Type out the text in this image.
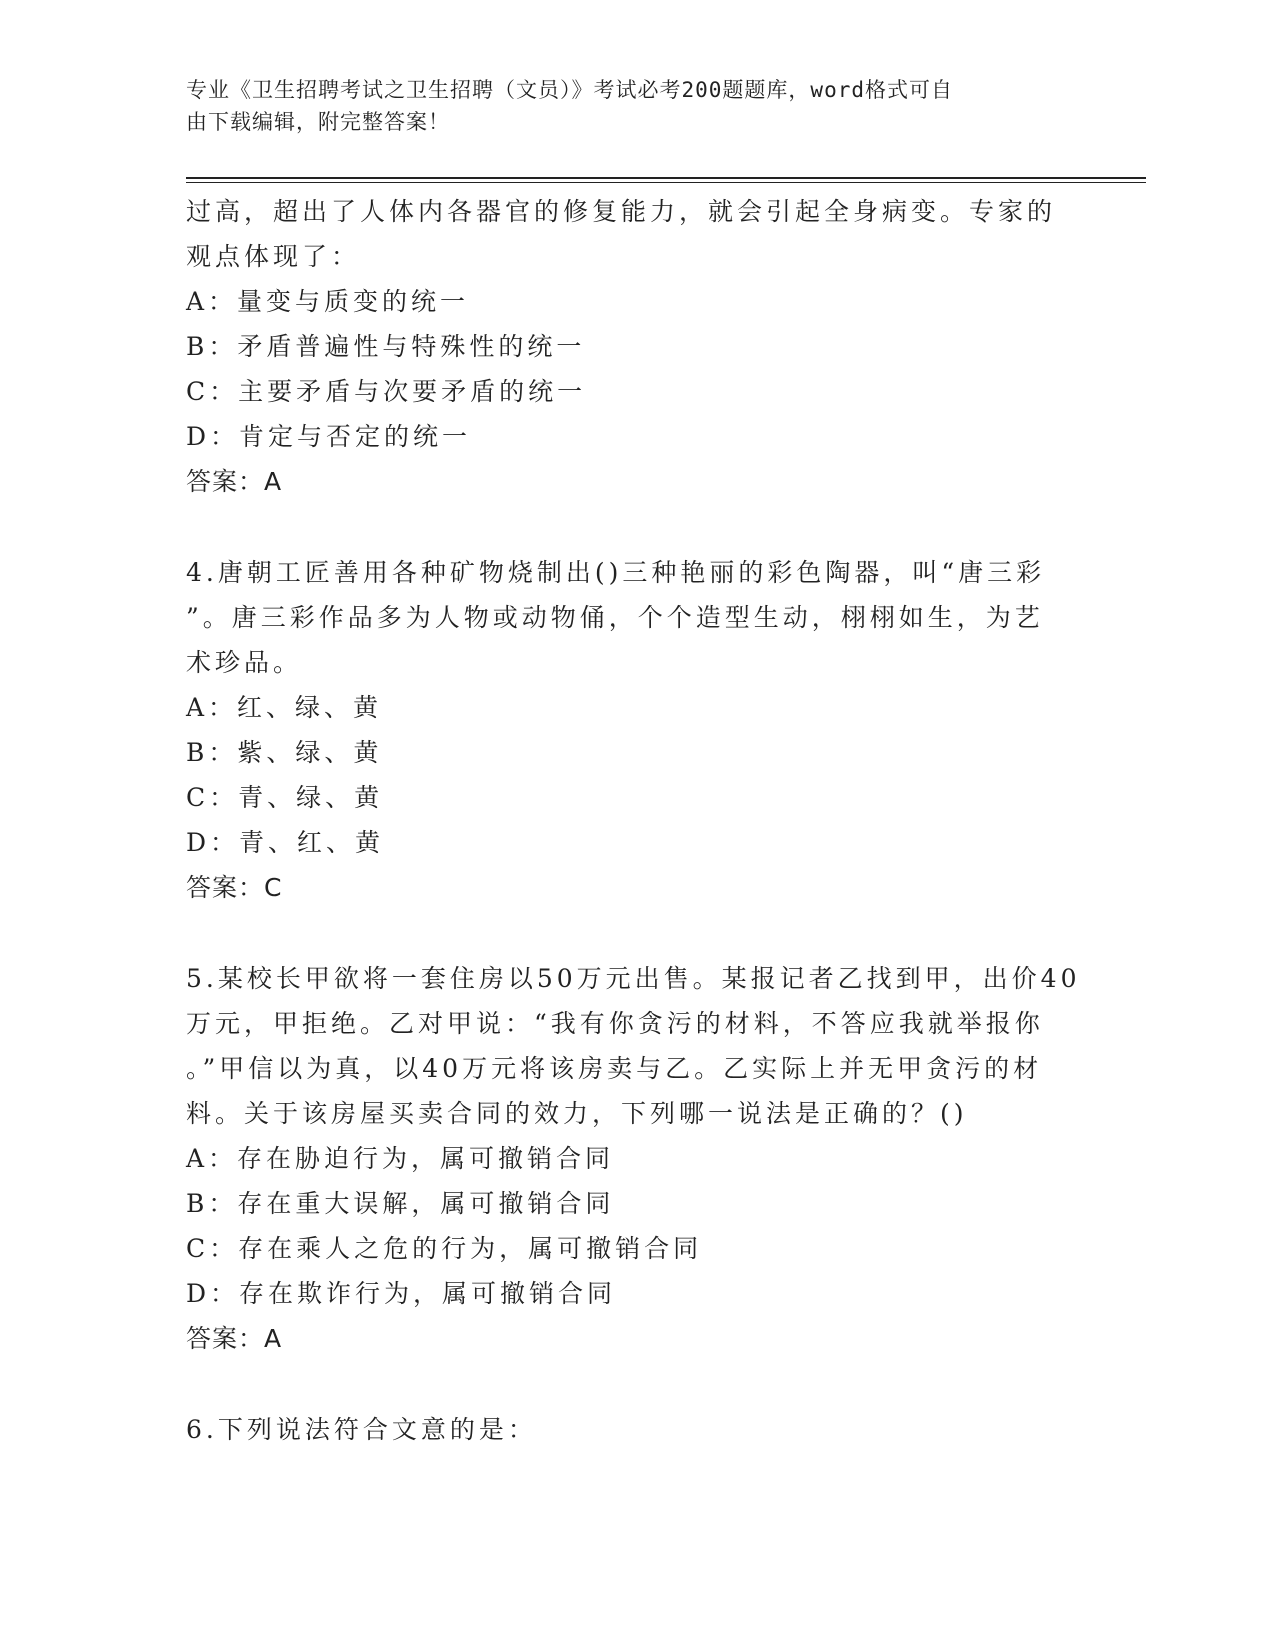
专业《卫生招聘考试之卫生招聘（文员）》考试必考200题题库，word格式可自
由下载编辑，附完整答案！
过高，超出了人体内各器官的修复能力，就会引起全身病变。专家的
观点体现了：
A：量变与质变的统一
B：矛盾普遍性与特殊性的统一
C：主要矛盾与次要矛盾的统一
D：肯定与否定的统一
答案：A
4.唐朝工匠善用各种矿物烧制出()三种艳丽的彩色陶器，叫“唐三彩
”。唐三彩作品多为人物或动物俑，个个造型生动，栩栩如生，为艺
术珍品。
A：红、绿、黄
B：紫、绿、黄
C：青、绿、黄
D：青、红、黄
答案：C
5.某校长甲欲将一套住房以50万元出售。某报记者乙找到甲，出价40
万元，甲拒绝。乙对甲说：“我有你贪污的材料，不答应我就举报你
。”甲信以为真，以40万元将该房卖与乙。乙实际上并无甲贪污的材
料。关于该房屋买卖合同的效力，下列哪一说法是正确的？()
A：存在胁迫行为，属可撤销合同
B：存在重大误解，属可撤销合同
C：存在乘人之危的行为，属可撤销合同
D：存在欺诈行为，属可撤销合同
答案：A
6.下列说法符合文意的是：
